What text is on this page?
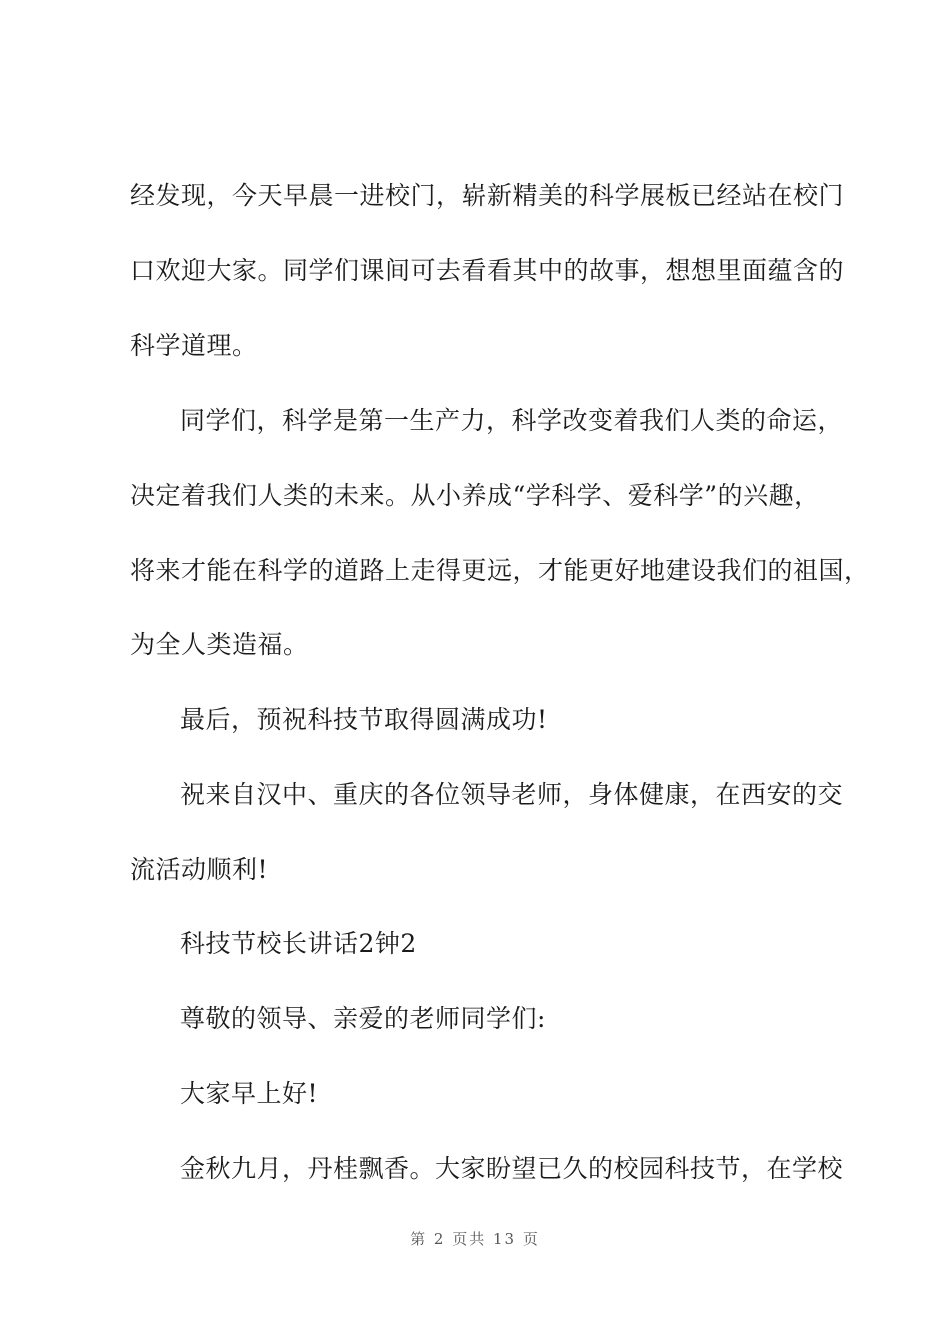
经发现，今天早晨一进校门，崭新精美的科学展板已经站在校门
口欢迎大家。同学们课间可去看看其中的故事，想想里面蕴含的
科学道理。
同学们，科学是第一生产力，科学改变着我们人类的命运，
决定着我们人类的未来。从小养成“学科学、爱科学”的兴趣，
将来才能在科学的道路上走得更远，才能更好地建设我们的祖国，
为全人类造福。
最后，预祝科技节取得圆满成功!
祝来自汉中、重庆的各位领导老师，身体健康，在西安的交
流活动顺利!
科技节校长讲话2钟2
尊敬的领导、亲爱的老师同学们:
大家早上好!
金秋九月，丹桂飘香。大家盼望已久的校园科技节，在学校
第 2 页共 13 页
